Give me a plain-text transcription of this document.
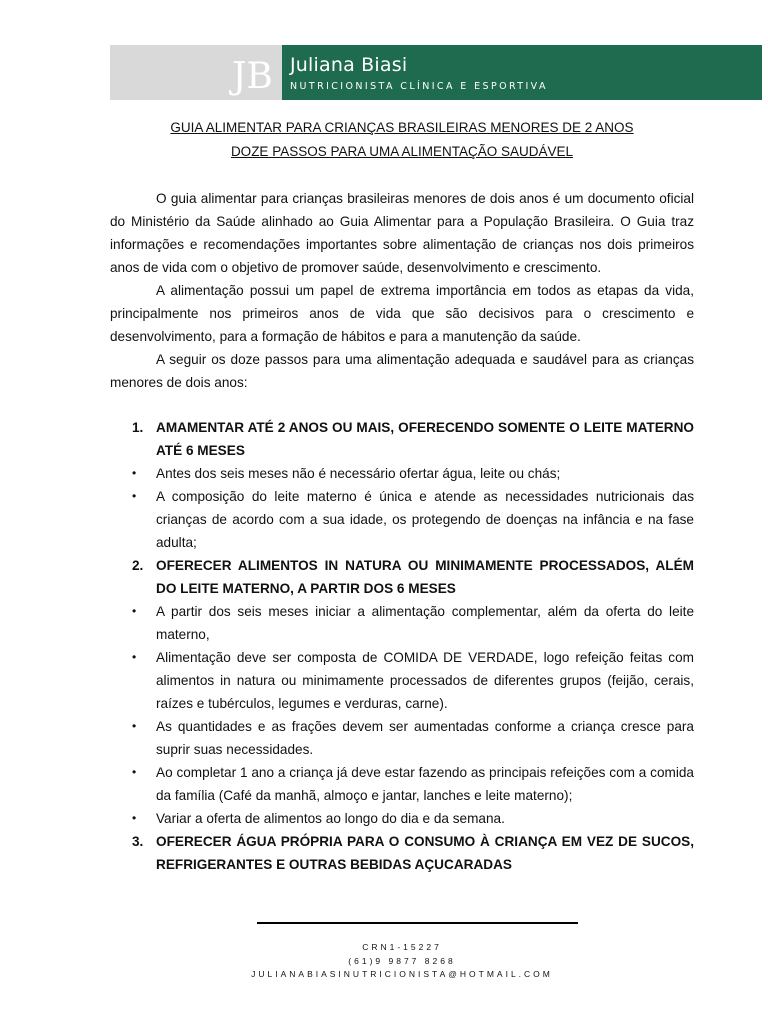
JB Juliana Biasi
NUTRICIONISTA CLÍNICA E ESPORTIVA
GUIA ALIMENTAR PARA CRIANÇAS BRASILEIRAS MENORES DE 2 ANOS
DOZE PASSOS PARA UMA ALIMENTAÇÃO SAUDÁVEL

O guia alimentar para crianças brasileiras menores de dois anos é um documento oficial do Ministério da Saúde alinhado ao Guia Alimentar para a População Brasileira. O Guia traz informações e recomendações importantes sobre alimentação de crianças nos dois primeiros anos de vida com o objetivo de promover saúde, desenvolvimento e crescimento.

A alimentação possui um papel de extrema importância em todos as etapas da vida, principalmente nos primeiros anos de vida que são decisivos para o crescimento e desenvolvimento, para a formação de hábitos e para a manutenção da saúde.

A seguir os doze passos para uma alimentação adequada e saudável para as crianças menores de dois anos:

1. AMAMENTAR ATÉ 2 ANOS OU MAIS, OFERECENDO SOMENTE O LEITE MATERNO ATÉ 6 MESES
• Antes dos seis meses não é necessário ofertar água, leite ou chás;
• A composição do leite materno é única e atende as necessidades nutricionais das crianças de acordo com a sua idade, os protegendo de doenças na infância e na fase adulta;
2. OFERECER ALIMENTOS IN NATURA OU MINIMAMENTE PROCESSADOS, ALÉM DO LEITE MATERNO, A PARTIR DOS 6 MESES
• A partir dos seis meses iniciar a alimentação complementar, além da oferta do leite materno,
• Alimentação deve ser composta de COMIDA DE VERDADE, logo refeição feitas com alimentos in natura ou minimamente processados de diferentes grupos (feijão, cerais, raízes e tubérculos, legumes e verduras, carne).
• As quantidades e as frações devem ser aumentadas conforme a criança cresce para suprir suas necessidades.
• Ao completar 1 ano a criança já deve estar fazendo as principais refeições com a comida da família (Café da manhã, almoço e jantar, lanches e leite materno);
• Variar a oferta de alimentos ao longo do dia e da semana.
3. OFERECER ÁGUA PRÓPRIA PARA O CONSUMO À CRIANÇA EM VEZ DE SUCOS, REFRIGERANTES E OUTRAS BEBIDAS AÇUCARADAS
CRN1-15227
(61)9 9877 8268
JULIANABIASINUTRICIONISTA@HOTMAIL.COM
